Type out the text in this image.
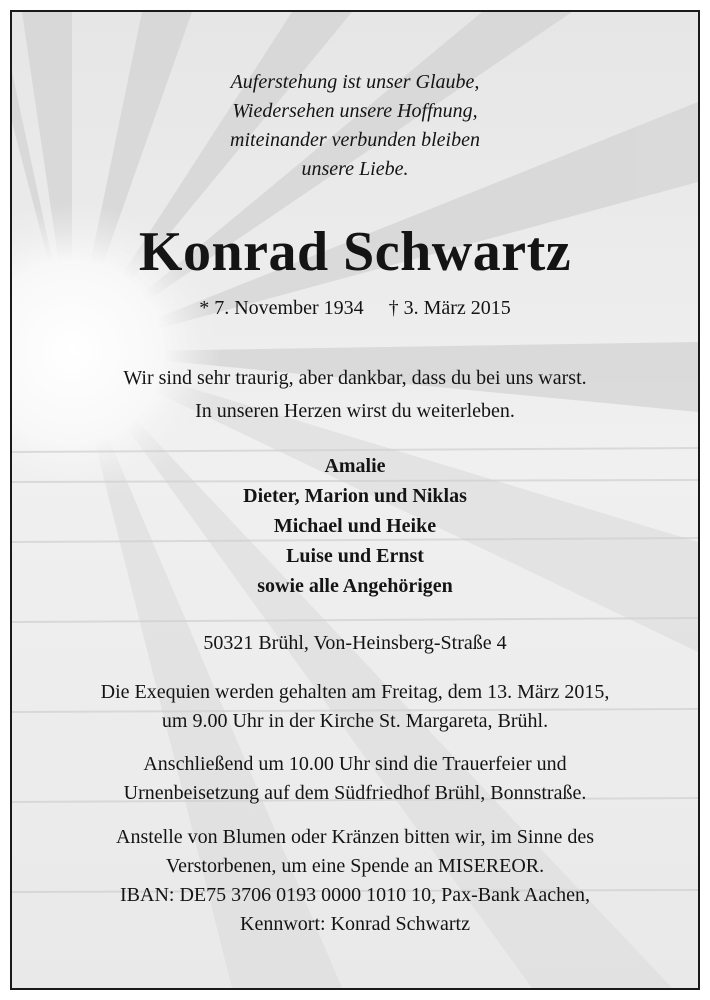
Auferstehung ist unser Glaube,
Wiedersehen unsere Hoffnung,
miteinander verbunden bleiben
unsere Liebe.
Konrad Schwartz
* 7. November 1934 † 3. März 2015
Wir sind sehr traurig, aber dankbar, dass du bei uns warst.
In unseren Herzen wirst du weiterleben.
Amalie
Dieter, Marion und Niklas
Michael und Heike
Luise und Ernst
sowie alle Angehörigen
50321 Brühl, Von-Heinsberg-Straße 4
Die Exequien werden gehalten am Freitag, dem 13. März 2015,
um 9.00 Uhr in der Kirche St. Margareta, Brühl.
Anschließend um 10.00 Uhr sind die Trauerfeier und
Urnenbeisetzung auf dem Südfriedhof Brühl, Bonnstraße.
Anstelle von Blumen oder Kränzen bitten wir, im Sinne des
Verstorbenen, um eine Spende an MISEREOR.
IBAN: DE75 3706 0193 0000 1010 10, Pax-Bank Aachen,
Kennwort: Konrad Schwartz
